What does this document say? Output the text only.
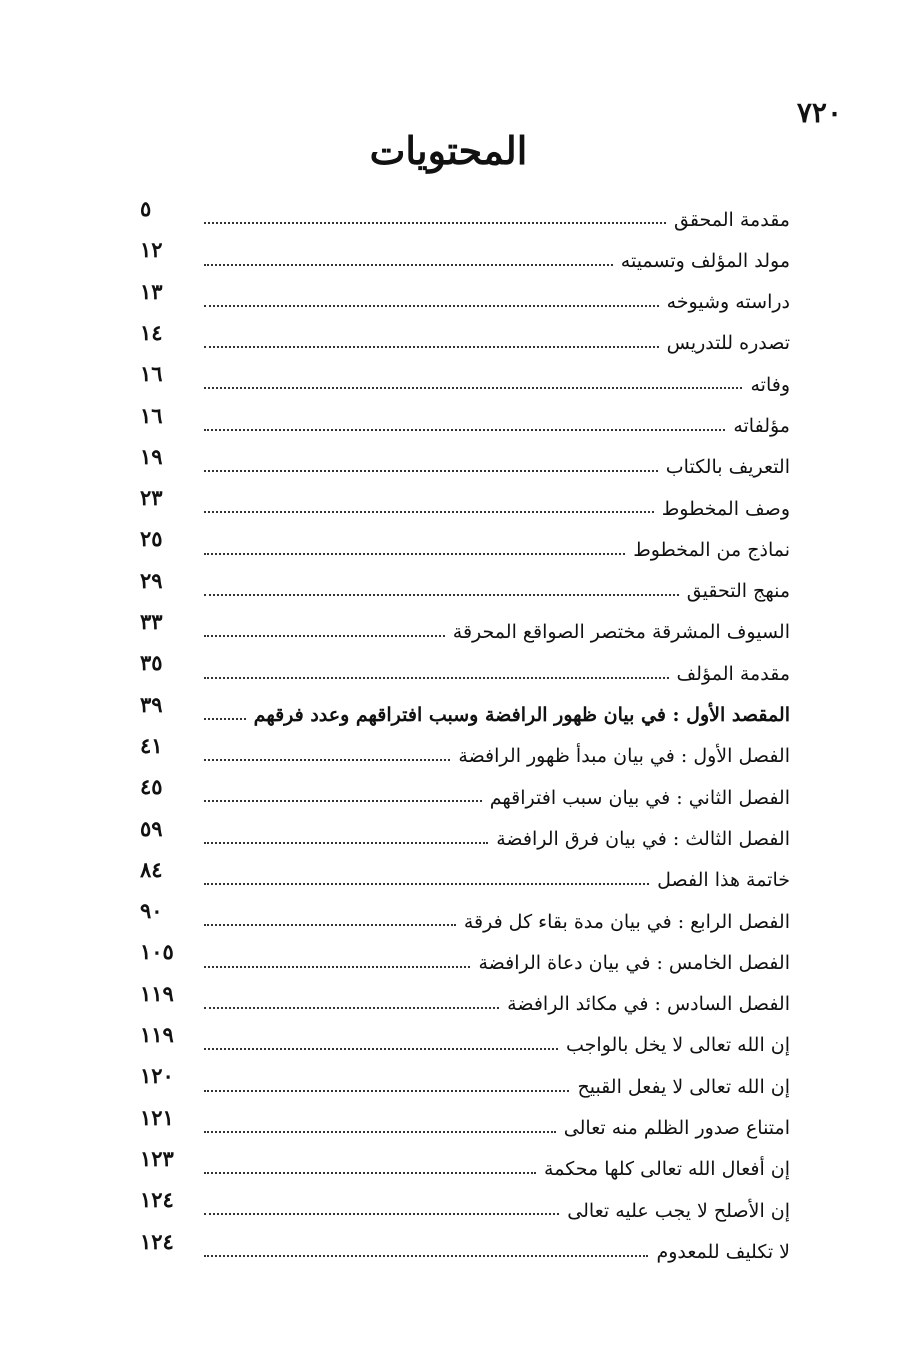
٧٢٠
المحتويات
مقدمة المحقق
٥
مولد المؤلف وتسميته
١٢
دراسته وشيوخه
١٣
تصدره للتدريس
١٤
وفاته
١٦
مؤلفاته
١٦
التعريف بالكتاب
١٩
وصف المخطوط
٢٣
نماذج من المخطوط
٢٥
منهج التحقيق
٢٩
السيوف المشرقة مختصر الصواقع المحرقة
٣٣
مقدمة المؤلف
٣٥
المقصد الأول : في بيان ظهور الرافضة وسبب افتراقهم وعدد فرقهم
٣٩
الفصل الأول : في بيان مبدأ ظهور الرافضة
٤١
الفصل الثاني : في بيان سبب افتراقهم
٤٥
الفصل الثالث : في بيان فرق الرافضة
٥٩
خاتمة هذا الفصل
٨٤
الفصل الرابع : في بيان مدة بقاء كل فرقة
٩٠
الفصل الخامس : في بيان دعاة الرافضة
١٠٥
الفصل السادس : في مكائد الرافضة
١١٩
إن الله تعالى لا يخل بالواجب
١١٩
إن الله تعالى لا يفعل القبيح
١٢٠
امتناع صدور الظلم منه تعالى
١٢١
إن أفعال الله تعالى كلها محكمة
١٢٣
إن الأصلح لا يجب عليه تعالى
١٢٤
لا تكليف للمعدوم
١٢٤
